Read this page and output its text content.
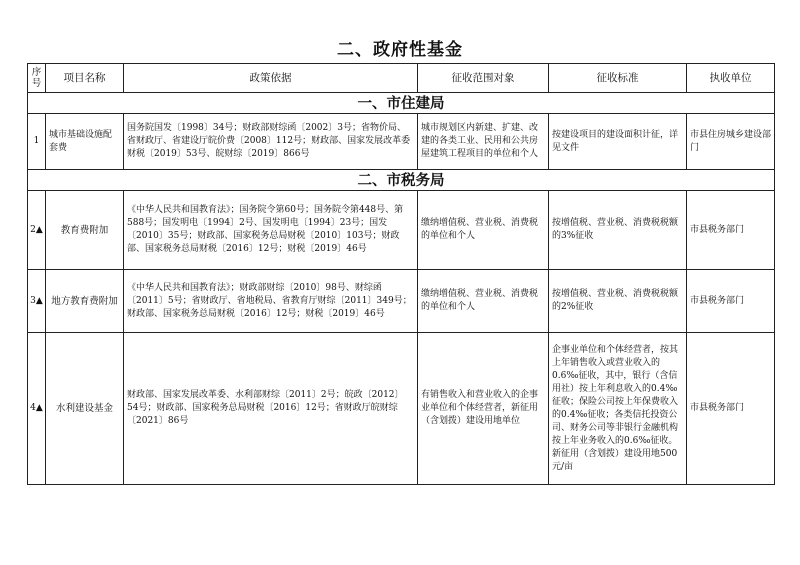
二、政府性基金
序号	项目名称	政策依据	征收范围对象	征收标准	执收单位
一、市住建局					
1	城市基础设施配套费	国务院国发〔1998〕34号；财政部财综函〔2002〕3号；省物价局、省财政厅、省建设厅皖价费〔2008〕112号；财政部、国家发展改革委财税〔2019〕53号、皖财综〔2019〕866号	城市规划区内新建、扩建、改建的各类工业、民用和公共房屋建筑工程项目的单位和个人	按建设项目的建设面积计征，详见文件	市县住房城乡建设部门
二、市税务局					
2▲	教育费附加	《中华人民共和国教育法》；国务院令第60号；国务院令第448号、第588号；国发明电〔1994〕2号、国发明电〔1994〕23号；国发〔2010〕35号；财政部、国家税务总局财税〔2010〕103号；财政部、国家税务总局财税〔2016〕12号；财税〔2019〕46号	缴纳增值税、营业税、消费税的单位和个人	按增值税、营业税、消费税税额的3%征收	市县税务部门
3▲	地方教育费附加	《中华人民共和国教育法》；财政部财综〔2010〕98号、财综函〔2011〕5号；省财政厅、省地税局、省教育厅财综〔2011〕349号；财政部、国家税务总局财税〔2016〕12号；财税〔2019〕46号	缴纳增值税、营业税、消费税的单位和个人	按增值税、营业税、消费税税额的2%征收	市县税务部门
4▲	水利建设基金	财政部、国家发展改革委、水利部财综〔2011〕2号；皖政〔2012〕54号；财政部、国家税务总局财税〔2016〕12号；省财政厅皖财综〔2021〕86号	有销售收入和营业收入的企事业单位和个体经营者，新征用（含划拨）建设用地单位	企事业单位和个体经营者，按其上年销售收入或营业收入的0.6‰征收，其中，银行（含信用社）按上年利息收入的0.4‰征收；保险公司按上年保费收入的0.4‰征收；各类信托投资公司、财务公司等非银行金融机构按上年业务收入的0.6‰征收。新征用（含划拨）建设用地500元/亩	市县税务部门
